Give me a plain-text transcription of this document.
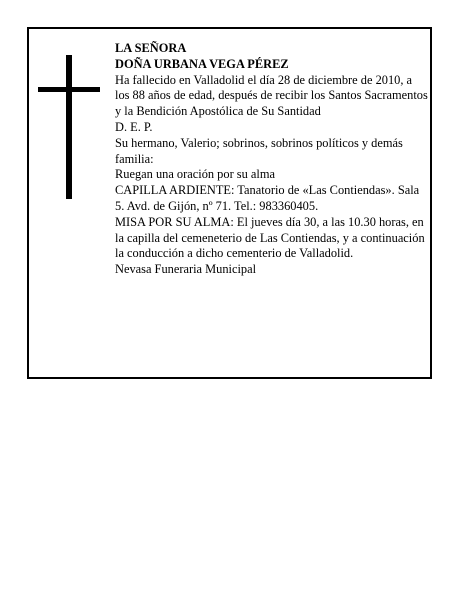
LA SEÑORA

DOÑA URBANA VEGA PÉREZ

Ha fallecido en Valladolid el día 28 de diciembre de 2010, a los 88 años de edad, después de recibir los Santos Sacramentos y la Bendición Apostólica de Su Santidad

D. E. P.

Su hermano, Valerio; sobrinos, sobrinos políticos y demás familia:

Ruegan una oración por su alma

CAPILLA ARDIENTE: Tanatorio de «Las Contiendas». Sala 5. Avd. de Gijón, nº 71. Tel.: 983360405.

MISA POR SU ALMA: El jueves día 30, a las 10.30 horas, en la capilla del cemeneterio de Las Contiendas, y a continuación la conducción a dicho cementerio de Valladolid.

Nevasa Funeraria Municipal
